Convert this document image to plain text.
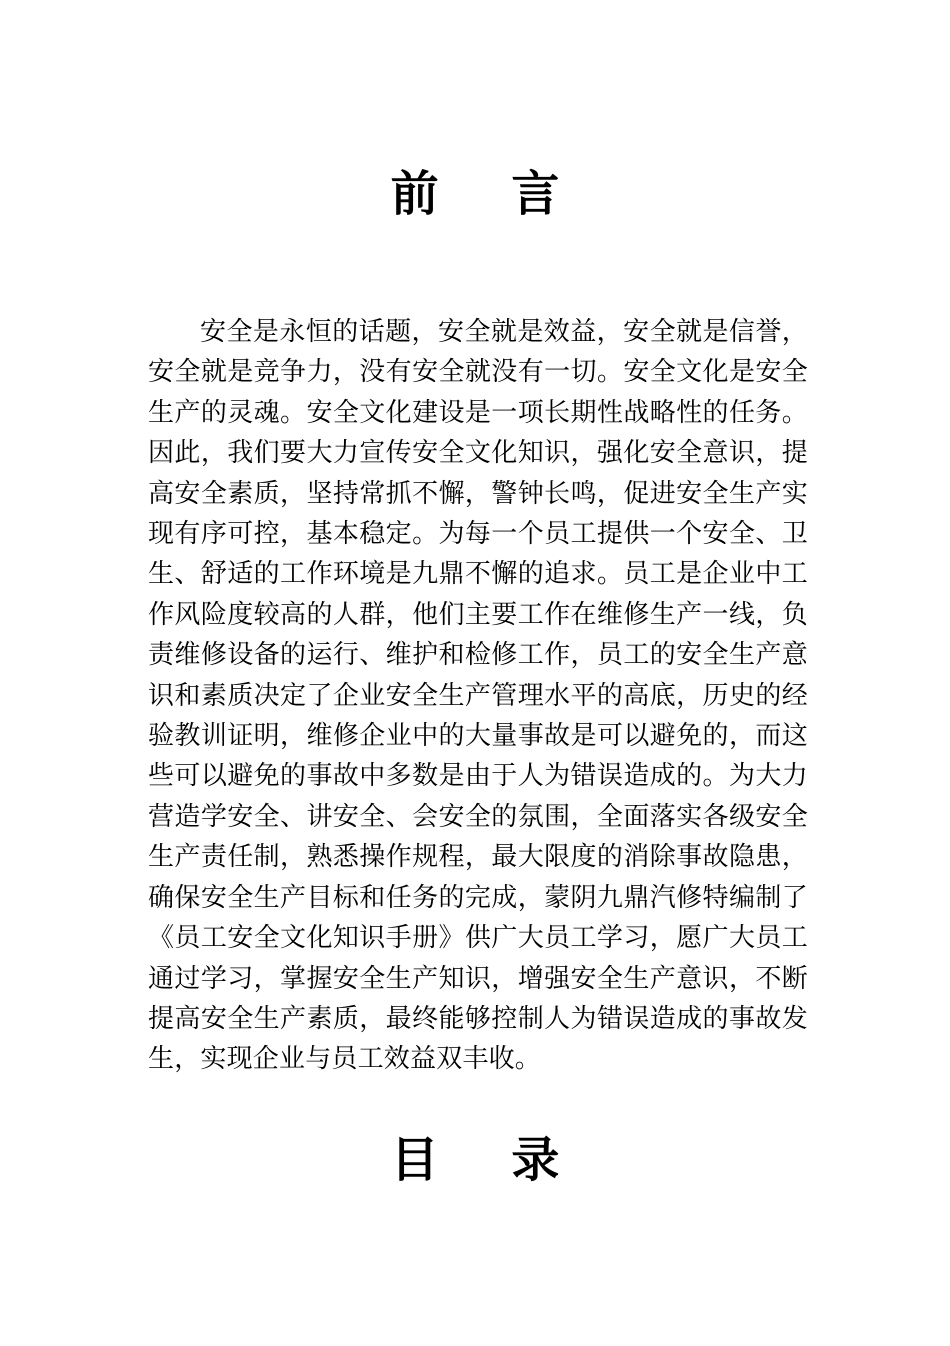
前 言

安全是永恒的话题，安全就是效益，安全就是信誉，安全就是竞争力，没有安全就没有一切。安全文化是安全生产的灵魂。安全文化建设是一项长期性战略性的任务。因此，我们要大力宣传安全文化知识，强化安全意识，提高安全素质，坚持常抓不懈，警钟长鸣，促进安全生产实现有序可控，基本稳定。为每一个员工提供一个安全、卫生、舒适的工作环境是九鼎不懈的追求。员工是企业中工作风险度较高的人群，他们主要工作在维修生产一线，负责维修设备的运行、维护和检修工作，员工的安全生产意识和素质决定了企业安全生产管理水平的高底，历史的经验教训证明，维修企业中的大量事故是可以避免的，而这些可以避免的事故中多数是由于人为错误造成的。为大力营造学安全、讲安全、会安全的氛围，全面落实各级安全生产责任制，熟悉操作规程，最大限度的消除事故隐患，确保安全生产目标和任务的完成，蒙阴九鼎汽修特编制了《员工安全文化知识手册》供广大员工学习，愿广大员工通过学习，掌握安全生产知识，增强安全生产意识，不断提高安全生产素质，最终能够控制人为错误造成的事故发生，实现企业与员工效益双丰收。

目 录
